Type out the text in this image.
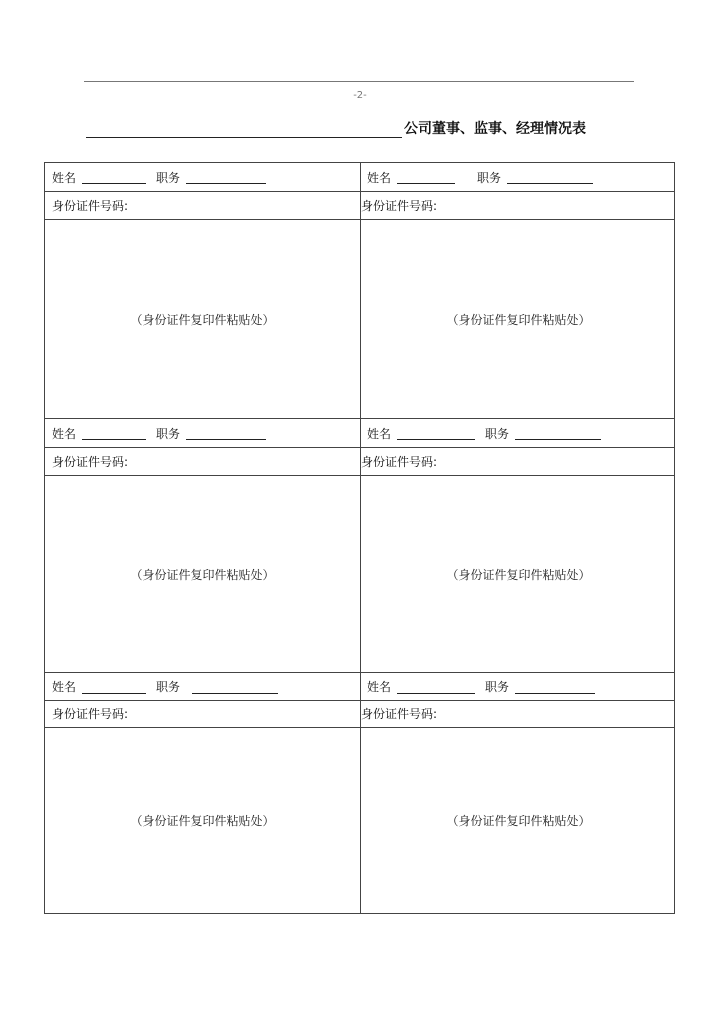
-2-
公司董事、监事、经理情况表
姓名	职务	姓名	职务
身份证件号码:	身份证件号码:
（身份证件复印件粘贴处）	（身份证件复印件粘贴处）
姓名	职务	姓名	职务
身份证件号码:	身份证件号码:
（身份证件复印件粘贴处）	（身份证件复印件粘贴处）
姓名	职务	姓名	职务
身份证件号码:	身份证件号码:
（身份证件复印件粘贴处）	（身份证件复印件粘贴处）
